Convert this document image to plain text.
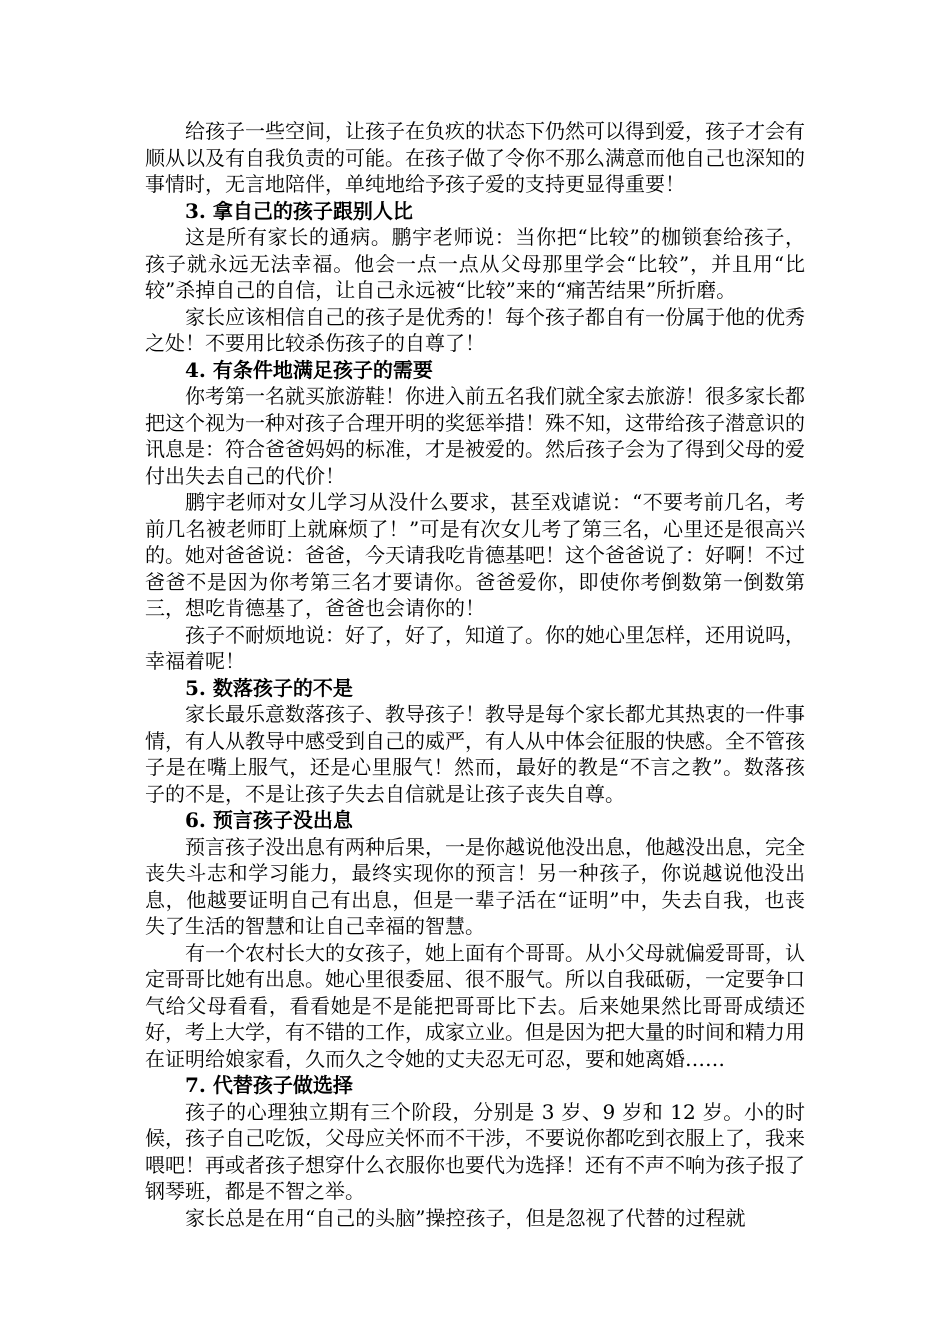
给孩子一些空间，让孩子在负疚的状态下仍然可以得到爱，孩子才会有顺从以及有自我负责的可能。在孩子做了令你不那么满意而他自己也深知的事情时，无言地陪伴，单纯地给予孩子爱的支持更显得重要！

3. 拿自己的孩子跟别人比

这是所有家长的通病。鹏宇老师说：当你把“比较”的枷锁套给孩子，孩子就永远无法幸福。他会一点一点从父母那里学会“比较”，并且用“比较”杀掉自己的自信，让自己永远被“比较”来的“痛苦结果”所折磨。

家长应该相信自己的孩子是优秀的！每个孩子都自有一份属于他的优秀之处！不要用比较杀伤孩子的自尊了！

4. 有条件地满足孩子的需要

你考第一名就买旅游鞋！你进入前五名我们就全家去旅游！很多家长都把这个视为一种对孩子合理开明的奖惩举措！殊不知，这带给孩子潜意识的讯息是：符合爸爸妈妈的标准，才是被爱的。然后孩子会为了得到父母的爱付出失去自己的代价！

鹏宇老师对女儿学习从没什么要求，甚至戏谑说：“不要考前几名，考前几名被老师盯上就麻烦了！”可是有次女儿考了第三名，心里还是很高兴的。她对爸爸说：爸爸，今天请我吃肯德基吧！这个爸爸说了：好啊！不过爸爸不是因为你考第三名才要请你。爸爸爱你，即使你考倒数第一倒数第三，想吃肯德基了，爸爸也会请你的！

孩子不耐烦地说：好了，好了，知道了。你的她心里怎样，还用说吗，幸福着呢！

5. 数落孩子的不是

家长最乐意数落孩子、教导孩子！教导是每个家长都尤其热衷的一件事情，有人从教导中感受到自己的威严，有人从中体会征服的快感。全不管孩子是在嘴上服气，还是心里服气！然而，最好的教是“不言之教”。数落孩子的不是，不是让孩子失去自信就是让孩子丧失自尊。

6. 预言孩子没出息

预言孩子没出息有两种后果，一是你越说他没出息，他越没出息，完全丧失斗志和学习能力，最终实现你的预言！另一种孩子，你说越说他没出息，他越要证明自己有出息，但是一辈子活在“证明”中，失去自我，也丧失了生活的智慧和让自己幸福的智慧。

有一个农村长大的女孩子，她上面有个哥哥。从小父母就偏爱哥哥，认定哥哥比她有出息。她心里很委屈、很不服气。所以自我砥砺，一定要争口气给父母看看，看看她是不是能把哥哥比下去。后来她果然比哥哥成绩还好，考上大学，有不错的工作，成家立业。但是因为把大量的时间和精力用在证明给娘家看，久而久之令她的丈夫忍无可忍，要和她离婚……

7. 代替孩子做选择

孩子的心理独立期有三个阶段，分别是 3 岁、9 岁和 12 岁。小的时候，孩子自己吃饭，父母应关怀而不干涉，不要说你都吃到衣服上了，我来喂吧！再或者孩子想穿什么衣服你也要代为选择！还有不声不响为孩子报了钢琴班，都是不智之举。

家长总是在用“自己的头脑”操控孩子，但是忽视了代替的过程就
